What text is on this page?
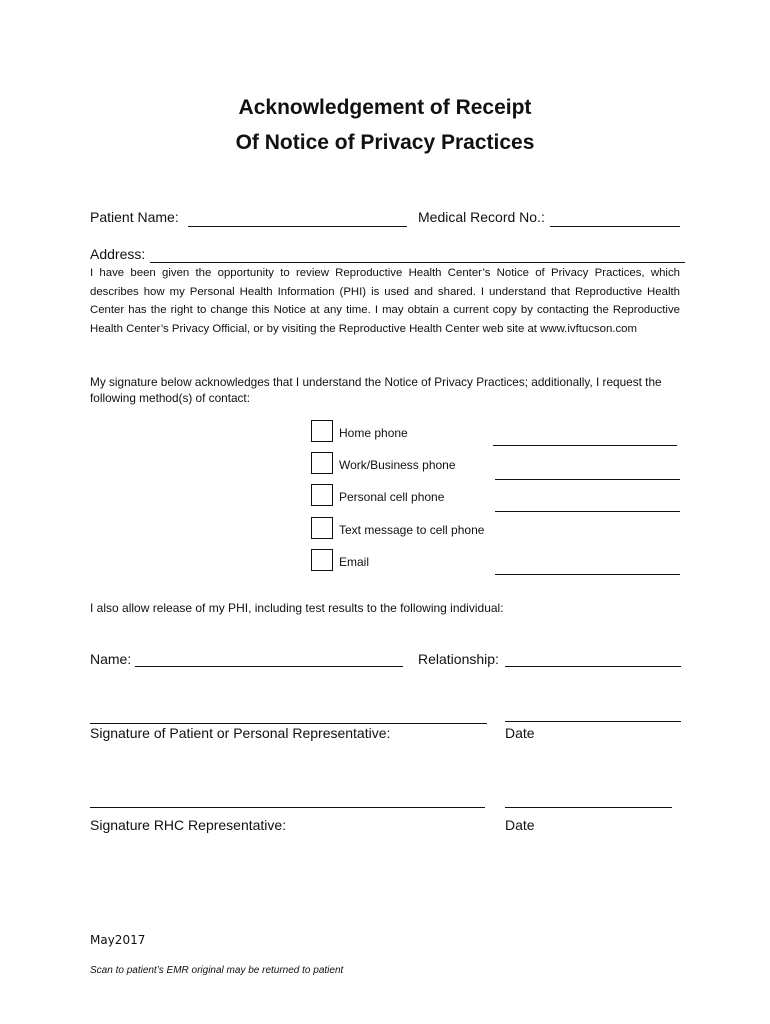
Acknowledgement of Receipt
Of Notice of Privacy Practices
Patient Name:	Medical Record No.:
Address:
I have been given the opportunity to review Reproductive Health Center’s Notice of Privacy Practices, which describes how my Personal Health Information (PHI) is used and shared. I understand that Reproductive Health Center has the right to change this Notice at any time. I may obtain a current copy by contacting the Reproductive Health Center’s Privacy Official, or by visiting the Reproductive Health Center web site at www.ivftucson.com
My signature below acknowledges that I understand the Notice of Privacy Practices; additionally, I request the following method(s) of contact:
Home phone
Work/Business phone
Personal cell phone
Text message to cell phone
Email
I also allow release of my PHI, including test results to the following individual:
Name:	Relationship:
Signature of Patient or Personal Representative:	Date
Signature RHC Representative:	Date
May2017
Scan to patient’s EMR original may be returned to patient
